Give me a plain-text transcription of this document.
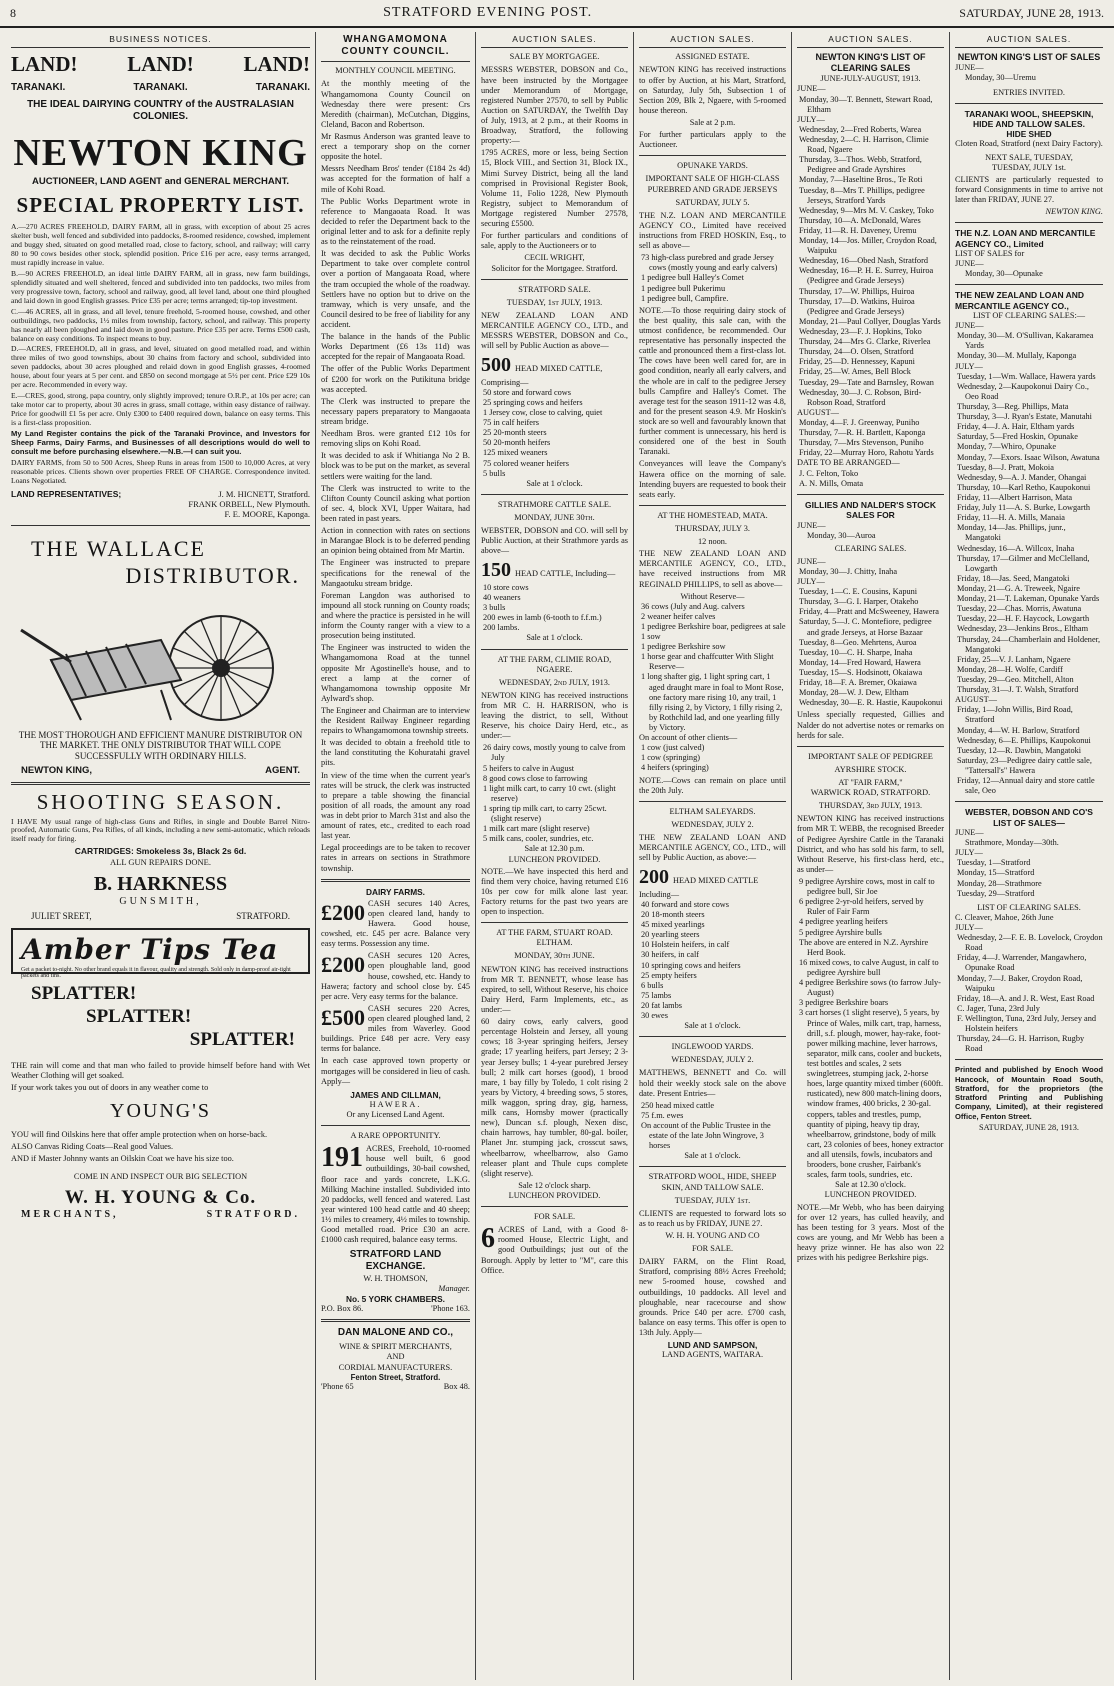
8	STRATFORD EVENING POST.	SATURDAY, JUNE 28, 1913.
BUSINESS NOTICES.
LAND! LAND! LAND!
TARANAKI.	TARANAKI.	TARANAKI.
THE IDEAL DAIRYING COUNTRY of the AUSTRALASIAN COLONIES.
NEWTON KING
AUCTIONEER, LAND AGENT and GENERAL MERCHANT.
SPECIAL PROPERTY LIST.

A.—270 ACRES FREEHOLD, DAIRY FARM, all in grass, with exception of about 25 acres skelter bush, well fenced and subdivided into paddocks, 8-roomed residence, cowshed, implement and buggy shed, situated on good metalled road, close to factory, school, and railway; will carry 80 to 90 cows besides other stock, splendid position. Price £16 per acre, easy terms arranged, must rapidly increase in value.

B.—90 ACRES FREEHOLD, an ideal little DAIRY FARM, all in grass, new farm buildings, splendidly situated and well sheltered, fenced and subdivided into ten paddocks, two miles from very progressive town, factory, school and railway, good, all level land, about one third ploughed and laid down in good English grasses. Price £35 per acre; terms arranged; tip-top investment.

C.—46 ACRES, all in grass, and all level, tenure freehold, 5-roomed house, cowshed, and other outbuildings, two paddocks, 1½ miles from township, factory, school, and railway. This property has nearly all been ploughed and laid down in good pasture. Price £35 per acre. Terms £500 cash, balance on easy conditions. To inspect means to buy.

D.—ACRES, FREEHOLD, all in grass, and level, situated on good metalled road, and within three miles of two good townships, about 30 chains from factory and school, subdivided into seven paddocks, about 30 acres ploughed and relaid down in good English grasses, 4-roomed house, about four years at 5 per cent. and £850 on second mortgage at 5½ per cent. Price £29 10s per acre. Recommended in every way.

E.—CRES, good, strong, papa country, only slightly improved; tenure O.R.P., at 10s per acre; can take motor car to property, about 30 acres in grass, small cottage, within easy distance of railway. Price for goodwill £1 5s per acre. Only £300 to £400 required down, balance on easy terms. This is a first-class proposition.

My Land Register contains the pick of the Taranaki Province, and Investors for Sheep Farms, Dairy Farms, and Businesses of all descriptions would do well to consult me before purchasing elsewhere.—N.B.—I can suit you.

DAIRY FARMS, from 50 to 500 Acres, Sheep Runs in areas from 1500 to 10,000 Acres, at very reasonable prices. Clients shown over properties FREE OF CHARGE. Correspondence invited. Loans Negotiated.

LAND REPRESENTATIVES;	J. M. HICNETT, Stratford.
FRANK ORBELL, New Plymouth.
F. E. MOORE, Kaponga.
THE WALLACE
DISTRIBUTOR.
THE MOST THOROUGH AND EFFICIENT MANURE DISTRIBUTOR ON THE MARKET. THE ONLY DISTRIBUTOR THAT WILL COPE SUCCESSFULLY WITH ORDINARY HILLS.
NEWTON KING,	AGENT.
SHOOTING SEASON.

I HAVE My usual range of high-class Guns and Rifles, in single and Double Barrel Nitro-proofed, Automatic Guns, Pea Rifles, of all kinds, including a new semi-automatic, which reloads itself ready for firing.

CARTRIDGES: Smokeless 3s, Black 2s 6d.
ALL GUN REPAIRS DONE.
B. HARKNESS
GUNSMITH,
JULIET SREET,	STRATFORD.
Amber Tips Tea
Get a packet to-night. No other brand equals it in flavour, quality and strength. Sold only in damp-proof air-tight packets and tins.
SPLATTER!
SPLATTER!
SPLATTER!

THE rain will come and that man who failed to provide himself before hand with Wet Weather Clothing will get soaked.

If your work takes you out of doors in any weather come to

YOUNG'S

YOU will find Oilskins here that offer ample protection when on horse-back.

ALSO Canvas Riding Coats—Real good Values.

AND if Master Johnny wants an Oilskin Coat we have his size too.

COME IN AND INSPECT OUR BIG SELECTION
W. H. YOUNG & Co.
MERCHANTS,	STRATFORD.
WHANGAMOMONA COUNTY COUNCIL.
MONTHLY COUNCIL MEETING.

At the monthly meeting of the Whangamomona County Council on Wednesday there were present: Crs Meredith (chairman), McCutchan, Diggins, Cleland, Bacon and Robertson.

Mr Rasmus Anderson was granted leave to erect a temporary shop on the corner opposite the hotel.

Messrs Needham Bros' tender (£184 2s 4d) was accepted for the formation of half a mile of Kohi Road.

The Public Works Department wrote in reference to Mangaoata Road. It was decided to refer the Department back to the original letter and to ask for a definite reply as to the reinstatement of the road.

It was decided to ask the Public Works Department to take over complete control over a portion of Mangaoata Road, where the tram occupied the whole of the roadway. Settlers have no option but to drive on the tramway, which is very unsafe, and the Council desired to be free of liability for any accident.

The balance in the hands of the Public Works Department (£6 13s 11d) was accepted for the repair of Mangaoata Road.

The offer of the Public Works Department of £200 for work on the Putikituna bridge was accepted.

The Clerk was instructed to prepare the necessary papers preparatory to Mangaoata stream bridge.

Needham Bros. were granted £12 10s for removing slips on Kohi Road.

It was decided to ask if Whitianga No 2 B. block was to be put on the market, as several settlers were waiting for the land.

The Clerk was instructed to write to the Clifton County Council asking what portion of sec. 4, block XVI, Upper Waitara, had been rated in past years.

Action in connection with rates on sections in Marangae Block is to be deferred pending an opinion being obtained from Mr Martin.

The Engineer was instructed to prepare specifications for the renewal of the Mangaotuku stream bridge.

Foreman Langdon was authorised to impound all stock running on County roads; and where the practice is persisted in he will inform the County ranger with a view to a prosecution being instituted.

The Engineer was instructed to widen the Whangamomona Road at the tunnel opposite Mr Agostinelle's house, and to erect a lamp at the corner of Whangamomona township opposite Mr Aylward's shop.

The Engineer and Chairman are to interview the Resident Railway Engineer regarding repairs to Whangamomona township streets.

It was decided to obtain a freehold title to the land constituting the Kohuratahi gravel pits.

In view of the time when the current year's rates will be struck, the clerk was instructed to prepare a table showing the financial position of all roads, the amount any road was in debt prior to March 31st and also the amount of rates, etc., credited to each road last year.

Legal proceedings are to be taken to recover rates in arrears on sections in Strathmore township.

DAIRY FARMS.

£200 CASH secures 140 Acres, open cleared land, handy to Hawera. Good house, cowshed, etc. £45 per acre. Balance very easy terms. Possession any time.

£200 CASH secures 120 Acres, open ploughable land, good house, cowshed, etc. Handy to Hawera; factory and school close by. £45 per acre. Very easy terms for the balance.

£500 CASH secures 220 Acres, open cleared ploughed land, 2 miles from Waverley. Good buildings. Price £48 per acre. Very easy terms for balance.

In each case approved town property or mortgages will be considered in lieu of cash. Apply—

JAMES AND CILLMAN,
HAWERA.
Or any Licensed Land Agent.
A RARE OPPORTUNITY.

191 ACRES, Freehold, 10-roomed house well built, 6 good outbuildings, 30-bail cowshed, floor race and yards concrete, L.K.G. Milking Machine installed. Subdivided into 20 paddocks, well fenced and watered. Last year wintered 100 head cattle and 40 sheep; 1½ miles to creamery, 4½ miles to township. Good metalled road. Price £30 an acre. £1000 cash required, balance easy terms.

STRATFORD LAND EXCHANGE.
W. H. THOMSON,
Manager.
No. 5 YORK CHAMBERS.
P.O. Box 86.	'Phone 163.
DAN MALONE AND CO.,
WINE & SPIRIT MERCHANTS,
AND
CORDIAL MANUFACTURERS.
Fenton Street, Stratford.
'Phone 65	Box 48.
AUCTION SALES.
SALE BY MORTGAGEE.

MESSRS WEBSTER, DOBSON and Co., have been instructed by the Mortgagee under Memorandum of Mortgage, registered Number 27570, to sell by Public Auction on SATURDAY, the Twelfth Day of July, 1913, at 2 p.m., at their Rooms in Broadway, Stratford, the following property:—

1795 ACRES, more or less, being Section 15, Block VIII., and Section 31, Block IX., Mimi Survey District, being all the land comprised in Provisional Register Book, Volume 11, Folio 1228, New Plymouth Registry, subject to Memorandum of Mortgage registered Number 27578, securing £5500.

For further particulars and conditions of sale, apply to the Auctioneers or to

CECIL WRIGHT,
Solicitor for the Mortgagee. Stratford.
STRATFORD SALE.
TUESDAY, 1st JULY, 1913.

NEW ZEALAND LOAN AND MERCANTILE AGENCY CO., LTD., and MESSRS WEBSTER, DOBSON and Co., will sell by Public Auction as above—

500 HEAD MIXED CATTLE, Comprising—
50 store and forward cows
25 springing cows and heifers
1 Jersey cow, close to calving, quiet
75 in calf heifers
25 20-month steers
50 20-month heifers
125 mixed weaners
75 colored weaner heifers
5 bulls
Sale at 1 o'clock.
STRATHMORE CATTLE SALE.
MONDAY, JUNE 30th.

WEBSTER, DOBSON and CO. will sell by Public Auction, at their Strathmore yards as above—

150 HEAD CATTLE, Including—
10 store cows
40 weaners
3 bulls
200 ewes in lamb (6-tooth to f.f.m.)
200 lambs.
Sale at 1 o'clock.
AT THE FARM, CLIMIE ROAD, NGAERE.
WEDNESDAY, 2nd JULY, 1913.

NEWTON KING has received instructions from MR C. H. HARRISON, who is leaving the district, to sell, Without Reserve, his choice Dairy Herd, etc., as under:—

26 dairy cows, mostly young to calve from July
5 heifers to calve in August
8 good cows close to farrowing
1 light milk cart, to carry 10 cwt. (slight reserve)
1 spring tip milk cart, to carry 25cwt. (slight reserve)
1 milk cart mare (slight reserve)
5 milk cans, cooler, sundries, etc.
Sale at 12.30 p.m.
LUNCHEON PROVIDED.

NOTE.—We have inspected this herd and find them very choice, having returned £16 10s per cow for milk alone last year. Factory returns for the past two years are open to inspection.

AT THE FARM, STUART ROAD. ELTHAM.
MONDAY, 30th JUNE.

NEWTON KING has received instructions from MR T. BENNETT, whose lease has expired, to sell, Without Reserve, his choice Dairy Herd, Farm Implements, etc., as under:—

60 dairy cows, early calvers, good percentage Holstein and Jersey, all young cows; 18 3-year springing heifers, Jersey grade; 17 yearling heifers, part Jersey; 2 3-year Jersey bulls; 1 4-year purebred Jersey bull; 2 milk cart horses (good), 1 brood mare, 1 bay filly by Toledo, 1 colt rising 2 years by Victory, 4 breeding sows, 5 stores, milk waggon, spring dray, gig, harness, milk cans, Hornsby mower (practically new), Duncan s.f. plough, Nexen disc, chain harrows, hay tumbler, 80-gal. boiler, Planet Jnr. stumping jack, crosscut saws, wheelbarrow, wheelbarrow, also Gamo releaser plant and Thule cups complete (slight reserve).

Sale 12 o'clock sharp.
LUNCHEON PROVIDED.
FOR SALE.

6 ACRES of Land, with a Good 8-roomed House, Electric Light, and good Outbuildings; just out of the Borough. Apply by letter to "M", care this Office.

AUCTION SALES.
ASSIGNED ESTATE.

NEWTON KING has received instructions to offer by Auction, at his Mart, Stratford, on Saturday, July 5th, Subsection 1 of Section 209, Blk 2, Ngaere, with 5-roomed house thereon.

Sale at 2 p.m.

For further particulars apply to the Auctioneer.

OPUNAKE YARDS.
IMPORTANT SALE OF HIGH-CLASS PUREBRED AND GRADE JERSEYS
SATURDAY, JULY 5.

THE N.Z. LOAN AND MERCANTILE AGENCY CO., Limited have received instructions from FRED HOSKIN, Esq., to sell as above—

73 high-class purebred and grade Jersey cows (mostly young and early calvers)
1 pedigree bull Halley's Comet
1 pedigree bull Pukerimu
1 pedigree bull, Campfire.

NOTE.—To those requiring dairy stock of the best quality, this sale can, with the utmost confidence, be recommended. Our representative has personally inspected the cattle and pronounced them a first-class lot. The cows have been well cared for, are in good condition, nearly all early calvers, and the whole are in calf to the pedigree Jersey bulls Campfire and Halley's Comet. The average test for the season 1911-12 was 4.8, and for the present season 4.9. Mr Hoskin's stock are so well and favourably known that further comment is unnecessary, his herd is considered one of the best in South Taranaki.

Conveyances will leave the Company's Hawera office on the morning of sale. Intending buyers are requested to book their seats early.

AT THE HOMESTEAD, MATA.
THURSDAY, JULY 3.
12 noon.

THE NEW ZEALAND LOAN AND MERCANTILE AGENCY, CO., LTD., have received instructions from MR REGINALD PHILLIPS, to sell as above—

Without Reserve—
36 cows (July and Aug. calvers
2 weaner heifer calves
1 pedigree Berkshire boar, pedigrees at sale
1 sow
1 pedigree Berkshire sow
1 horse gear and chaffcutter With Slight Reserve—
1 long shafter gig, 1 light spring cart, 1 aged draught mare in foal to Mont Rose, one factory mare rising 10, any trail, 1 filly rising 2, by Victory, 1 filly rising 2, by Rothchild lad, and one yearling filly by Victory.
On account of other clients—
1 cow (just calved)
1 cow (springing)
4 heifers (springing)

NOTE.—Cows can remain on place until the 20th July.

ELTHAM SALEYARDS.
WEDNESDAY, JULY 2.

THE NEW ZEALAND LOAN AND MERCANTILE AGENCY, CO., LTD., will sell by Public Auction, as above:—

200 HEAD MIXED CATTLE Including—
40 forward and store cows
20 18-month steers
45 mixed yearlings
20 yearling steers
10 Holstein heifers, in calf
30 heifers, in calf
10 springing cows and heifers
25 empty heifers
6 bulls
75 lambs
20 fat lambs
30 ewes
Sale at 1 o'clock.
INGLEWOOD YARDS.
WEDNESDAY, JULY 2.

MATTHEWS, BENNETT and Co. will hold their weekly stock sale on the above date. Present Entries—

250 head mixed cattle
75 f.m. ewes
On account of the Public Trustee in the estate of the late John Wingrove, 3 horses
Sale at 1 o'clock.
STRATFORD WOOL, HIDE, SHEEP SKIN, AND TALLOW SALE.
TUESDAY, JULY 1st.

CLIENTS are requested to forward lots so as to reach us by FRIDAY, JUNE 27.

W. H. H. YOUNG AND CO
FOR SALE.

DAIRY FARM, on the Flint Road, Stratford, comprising 88½ Acres Freehold; new 5-roomed house, cowshed and outbuildings, 10 paddocks. All level and ploughable, near racecourse and show grounds. Price £40 per acre. £700 cash, balance on easy terms. This offer is open to 13th July. Apply—

LUND AND SAMPSON,
LAND AGENTS, WAITARA.
AUCTION SALES.
NEWTON KING'S LIST OF CLEARING SALES
JUNE-JULY-AUGUST, 1913.
JUNE—
Monday, 30—T. Bennett, Stewart Road, Eltham
JULY—
Wednesday, 2—Fred Roberts, Warea
Wednesday, 2—C. H. Harrison, Climie Road, Ngaere
Thursday, 3—Thos. Webb, Stratford, Pedigree and Grade Ayrshires
Monday, 7—Haseltine Bros., Te Roti
Tuesday, 8—Mrs T. Phillips, pedigree Jerseys, Stratford Yards
Wednesday, 9—Mrs M. V. Caskey, Toko
Thursday, 10—A. McDonald, Wares
Friday, 11—R. H. Daveney, Uremu
Monday, 14—Jos. Miller, Croydon Road, Waipuku
Wednesday, 16—Obed Nash, Stratford
Wednesday, 16—P. H. E. Surrey, Huiroa (Pedigree and Grade Jerseys)
Thursday, 17—W. Phillips, Huiroa
Thursday, 17—D. Watkins, Huiroa (Pedigree and Grade Jerseys)
Monday, 21—Paul Collyer, Douglas Yards
Wednesday, 23—F. J. Hopkins, Toko
Thursday, 24—Mrs G. Clarke, Riverlea
Thursday, 24—O. Olsen, Stratford
Friday, 25—D. Hennessey, Kapuni
Friday, 25—W. Ames, Bell Block
Tuesday, 29—Tate and Barnsley, Rowan
Wednesday, 30—J. C. Robson, Bird-Robson Road, Stratford
AUGUST—
Monday, 4—F. J. Greenway, Puniho
Thursday, 7—R. H. Bartlett, Kaponga
Thursday, 7—Mrs Stevenson, Puniho
Friday, 22—Murray Horo, Rahotu Yards
DATE TO BE ARRANGED—
J. C. Felton, Toko
A. N. Mills, Omata
GILLIES AND NALDER'S STOCK SALES FOR
JUNE—
Monday, 30—Auroa
CLEARING SALES.
JUNE—
Monday, 30—J. Chitty, Inaha
JULY—
Tuesday, 1—C. E. Cousins, Kapuni
Thursday, 3—G. I. Harper, Otakeho
Friday, 4—Pratt and McSweeney, Hawera
Saturday, 5—J. C. Montefiore, pedigree and grade Jerseys, at Horse Bazaar
Tuesday, 8—Geo. Mehrtens, Auroa
Tuesday, 10—C. H. Sharpe, Inaha
Monday, 14—Fred Howard, Hawera
Tuesday, 15—S. Hodsinott, Okaiawa
Friday, 18—F. A. Bremer, Okaiawa
Monday, 28—W. J. Dew, Eltham
Wednesday, 30—E. R. Hastie, Kaupokonui

Unless specially requested, Gillies and Nalder do not advertise notes or remarks on herds for sale.

IMPORTANT SALE OF PEDIGREE
AYRSHIRE STOCK.
AT "FAIR FARM,"
WARWICK ROAD, STRATFORD.
THURSDAY, 3rd JULY, 1913.

NEWTON KING has received instructions from MR T. WEBB, the recognised Breeder of Pedigree Ayrshire Cattle in the Taranaki District, and who has sold his farm, to sell, Without Reserve, his first-class herd, etc., as under—

9 pedigree Ayrshire cows, most in calf to pedigree bull, Sir Joe
6 pedigree 2-yr-old heifers, served by Ruler of Fair Farm
4 pedigree yearling heifers
5 pedigree Ayrshire bulls
The above are entered in N.Z. Ayrshire Herd Book.
16 mixed cows, to calve August, in calf to pedigree Ayrshire bull
4 pedigree Berkshire sows (to farrow July-August)
3 pedigree Berkshire boars
3 cart horses (1 slight reserve), 5 years, by Prince of Wales, milk cart, trap, harness, drill, s.f. plough, mower, hay-rake, foot-power milking machine, lever harrows, separator, milk cans, cooler and buckets, test bottles and scales, 2 sets swingletrees, stumping jack, 2-horse hoes, large quantity mixed timber (600ft. rusticated), new 800 match-lining doors, window frames, 400 bricks, 2 30-gal. coppers, tables and trestles, pump, quantity of piping, heavy tip dray, wheelbarrow, grindstone, body of milk cart, 23 colonies of bees, honey extractor and all utensils, fowls, incubators and brooders, bone crusher, Fairbank's scales, farm tools, sundries, etc.
Sale at 12.30 o'clock.
LUNCHEON PROVIDED.

NOTE.—Mr Webb, who has been dairying for over 12 years, has culled heavily, and has been testing for 3 years. Most of the cows are young, and Mr Webb has been a heavy prize winner. He has also won 22 prizes with his pedigree Berkshire pigs.

AUCTION SALES.
NEWTON KING'S LIST OF SALES
JUNE—
Monday, 30—Uremu
ENTRIES INVITED.
TARANAKI WOOL, SHEEPSKIN, HIDE AND TALLOW SALES.
HIDE SHED
Cloten Road, Stratford (next Dairy Factory).
NEXT SALE, TUESDAY,
TUESDAY, JULY 1st.

CLIENTS are particularly requested to forward Consignments in time to arrive not later than FRIDAY, JUNE 27.

NEWTON KING.
THE N.Z. LOAN AND MERCANTILE AGENCY CO., Limited
LIST OF SALES for
JUNE—
Monday, 30—Opunake
THE NEW ZEALAND LOAN AND MERCANTILE AGENCY CO.,
LIST OF CLEARING SALES:—
JUNE—
Monday, 30—M. O'Sullivan, Kakaramea Yards
Monday, 30—M. Mullaly, Kaponga
JULY—
Tuesday, 1—Wm. Wallace, Hawera yards
Wednesday, 2—Kaupokonui Dairy Co., Oeo Road
Thursday, 3—Reg. Phillips, Mata
Thursday, 3—J. Ryan's Estate, Manutahi
Friday, 4—J. A. Hair, Eltham yards
Saturday, 5—Fred Hoskin, Opunake
Monday, 7—Whiro, Opunake
Monday, 7—Exors. Isaac Wilson, Awatuna
Tuesday, 8—J. Pratt, Mokoia
Wednesday, 9—A. J. Mander, Ohangai
Thursday, 10—Karl Retho, Kaupokonui
Friday, 11—Albert Harrison, Mata
Friday, July 11—A. S. Burke, Lowgarth
Friday, 11—H. A. Mills, Manaia
Monday, 14—Jas. Phillips, junr., Mangatoki
Wednesday, 16—A. Willcox, Inaha
Thursday, 17—Gilmer and McClelland, Lowgarth
Friday, 18—Jas. Seed, Mangatoki
Monday, 21—G. A. Treweek, Ngaire
Monday, 21—T. Lakeman, Opunake Yards
Tuesday, 22—Chas. Morris, Awatuna
Tuesday, 22—H. F. Haycock, Lowgarth
Wednesday, 23—Jenkins Bros., Eltham
Thursday, 24—Chamberlain and Holdener, Mangatoki
Friday, 25—V. J. Lanham, Ngaere
Monday, 28—H. Wolfe, Cardiff
Tuesday, 29—Geo. Mitchell, Alton
Thursday, 31—J. T. Walsh, Stratford
AUGUST—
Friday, 1—John Willis, Bird Road, Stratford
Monday, 4—W. H. Barlow, Stratford
Wednesday, 6—E. Phillips, Kaupokonui
Tuesday, 12—R. Dawbin, Mangatoki
Saturday, 23—Pedigree dairy cattle sale, "Tattersall's" Hawera
Friday, 12—Annual dairy and store cattle sale, Oeo
WEBSTER, DOBSON AND CO'S LIST OF SALES—
JUNE—
Strathmore, Monday—30th.
JULY—
Tuesday, 1—Stratford
Monday, 15—Stratford
Monday, 28—Strathmore
Tuesday, 29—Stratford
LIST OF CLEARING SALES.
C. Cleaver, Mahoe, 26th June
JULY—
Wednesday, 2—F. E. B. Lovelock, Croydon Road
Friday, 4—J. Warrender, Mangawhero, Opunake Road
Monday, 7—J. Baker, Croydon Road, Waipuku
Friday, 18—A. and J. R. West, East Road
C. Jager, Tuna, 23rd July
F. Wellington, Tuna, 23rd July, Jersey and Holstein heifers
Thursday, 24—G. H. Harrison, Rugby Road

Printed and published by Enoch Wood Hancock, of Mountain Road South, Stratford, for the proprietors (the Stratford Printing and Publishing Company, Limited), at their registered Office, Fenton Street.

SATURDAY, JUNE 28, 1913.
